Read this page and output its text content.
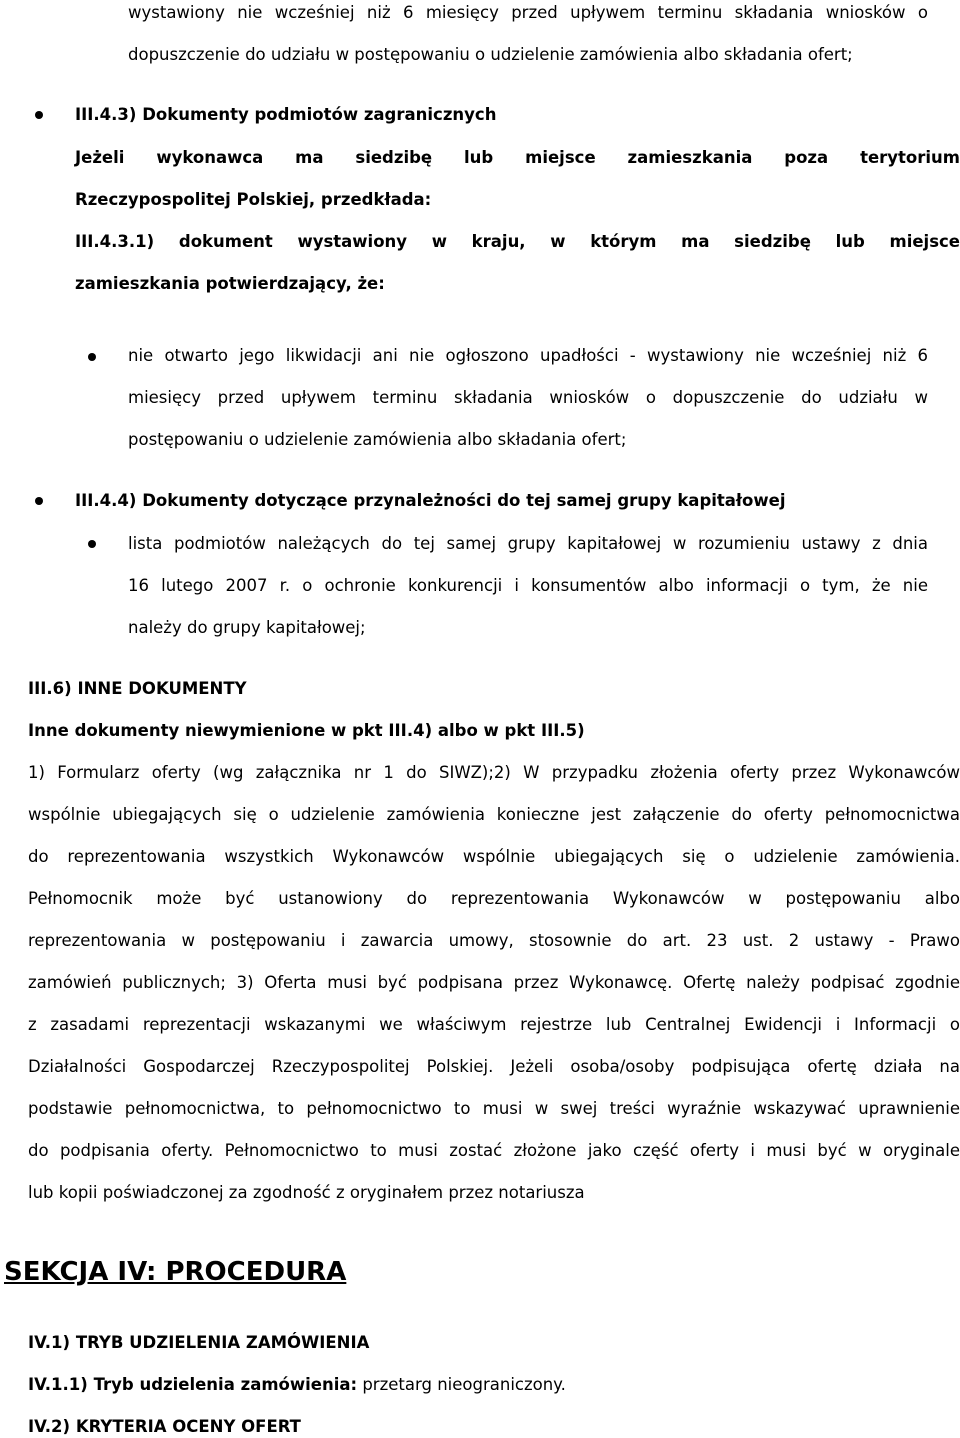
wystawiony nie wcześniej niż 6 miesięcy przed upływem terminu składania wniosków o
dopuszczenie do udziału w postępowaniu o udzielenie zamówienia albo składania ofert;
III.4.3) Dokumenty podmiotów zagranicznych
Jeżeli wykonawca ma siedzibę lub miejsce zamieszkania poza terytorium
Rzeczypospolitej Polskiej, przedkłada:
III.4.3.1) dokument wystawiony w kraju, w którym ma siedzibę lub miejsce
zamieszkania potwierdzający, że:
nie otwarto jego likwidacji ani nie ogłoszono upadłości - wystawiony nie wcześniej niż 6
miesięcy przed upływem terminu składania wniosków o dopuszczenie do udziału w
postępowaniu o udzielenie zamówienia albo składania ofert;
III.4.4) Dokumenty dotyczące przynależności do tej samej grupy kapitałowej
lista podmiotów należących do tej samej grupy kapitałowej w rozumieniu ustawy z dnia
16 lutego 2007 r. o ochronie konkurencji i konsumentów albo informacji o tym, że nie
należy do grupy kapitałowej;
III.6) INNE DOKUMENTY
Inne dokumenty niewymienione w pkt III.4) albo w pkt III.5)
1) Formularz oferty (wg załącznika nr 1 do SIWZ);2) W przypadku złożenia oferty przez Wykonawców
wspólnie ubiegających się o udzielenie zamówienia konieczne jest załączenie do oferty pełnomocnictwa
do reprezentowania wszystkich Wykonawców wspólnie ubiegających się o udzielenie zamówienia.
Pełnomocnik może być ustanowiony do reprezentowania Wykonawców w postępowaniu albo
reprezentowania w postępowaniu i zawarcia umowy, stosownie do art. 23 ust. 2 ustawy - Prawo
zamówień publicznych; 3) Oferta musi być podpisana przez Wykonawcę. Ofertę należy podpisać zgodnie
z zasadami reprezentacji wskazanymi we właściwym rejestrze lub Centralnej Ewidencji i Informacji o
Działalności Gospodarczej Rzeczypospolitej Polskiej. Jeżeli osoba/osoby podpisująca ofertę działa na
podstawie pełnomocnictwa, to pełnomocnictwo to musi w swej treści wyraźnie wskazywać uprawnienie
do podpisania oferty. Pełnomocnictwo to musi zostać złożone jako część oferty i musi być w oryginale
lub kopii poświadczonej za zgodność z oryginałem przez notariusza
SEKCJA IV: PROCEDURA
IV.1) TRYB UDZIELENIA ZAMÓWIENIA
IV.1.1) Tryb udzielenia zamówienia: przetarg nieograniczony.
IV.2) KRYTERIA OCENY OFERT
